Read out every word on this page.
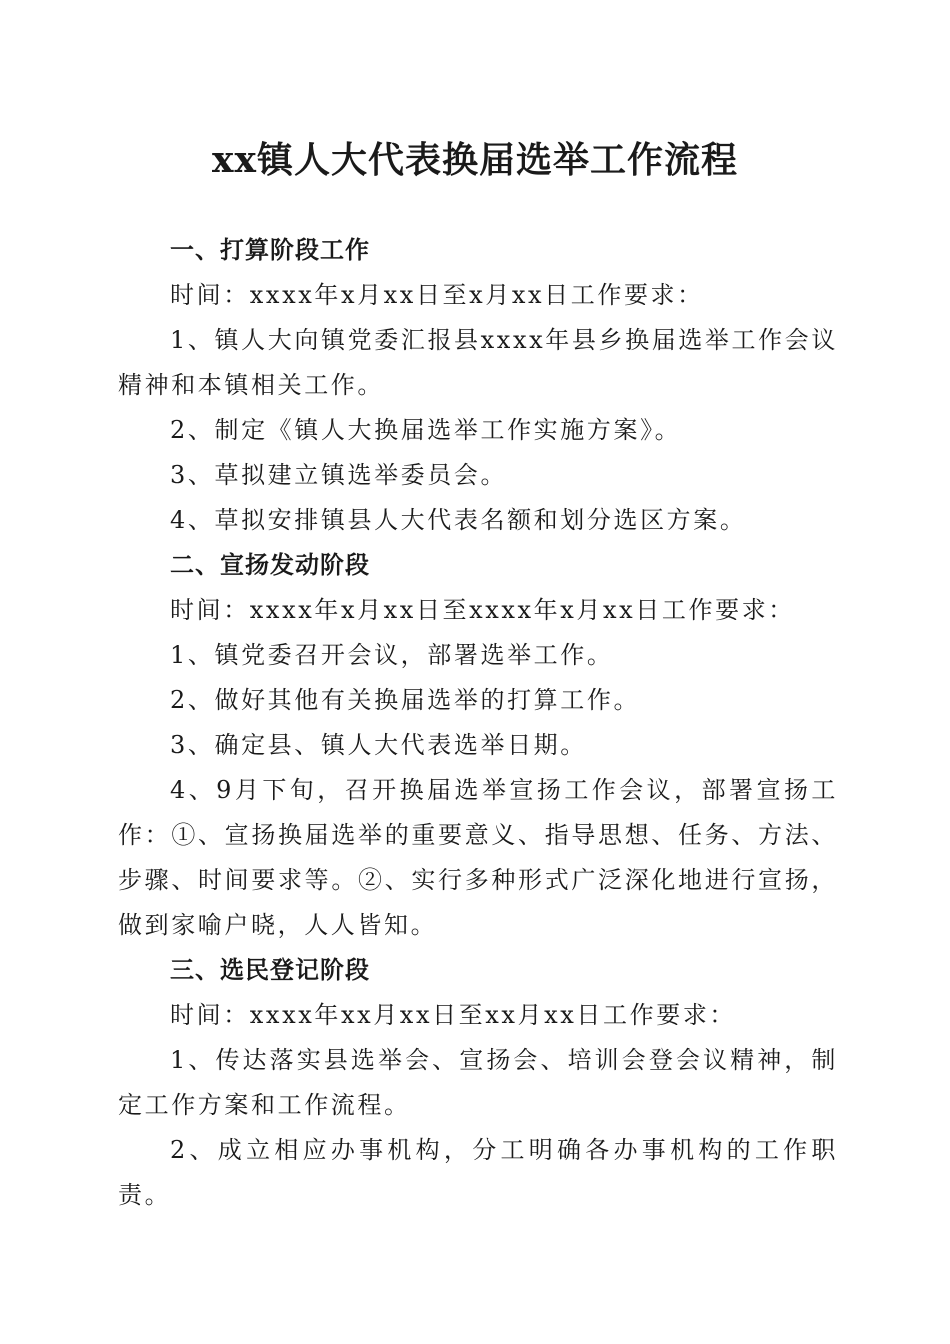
xx镇人大代表换届选举工作流程

一、打算阶段工作

时间：xxxx年x月xx日至x月xx日工作要求：

1、镇人大向镇党委汇报县xxxx年县乡换届选举工作会议精神和本镇相关工作。

2、制定《镇人大换届选举工作实施方案》。

3、草拟建立镇选举委员会。

4、草拟安排镇县人大代表名额和划分选区方案。

二、宣扬发动阶段

时间：xxxx年x月xx日至xxxx年x月xx日工作要求：

1、镇党委召开会议，部署选举工作。

2、做好其他有关换届选举的打算工作。

3、确定县、镇人大代表选举日期。

4、9月下旬，召开换届选举宣扬工作会议，部署宣扬工作：①、宣扬换届选举的重要意义、指导思想、任务、方法、步骤、时间要求等。②、实行多种形式广泛深化地进行宣扬，做到家喻户晓，人人皆知。

三、选民登记阶段

时间：xxxx年xx月xx日至xx月xx日工作要求：

1、传达落实县选举会、宣扬会、培训会登会议精神，制定工作方案和工作流程。

2、成立相应办事机构，分工明确各办事机构的工作职责。
